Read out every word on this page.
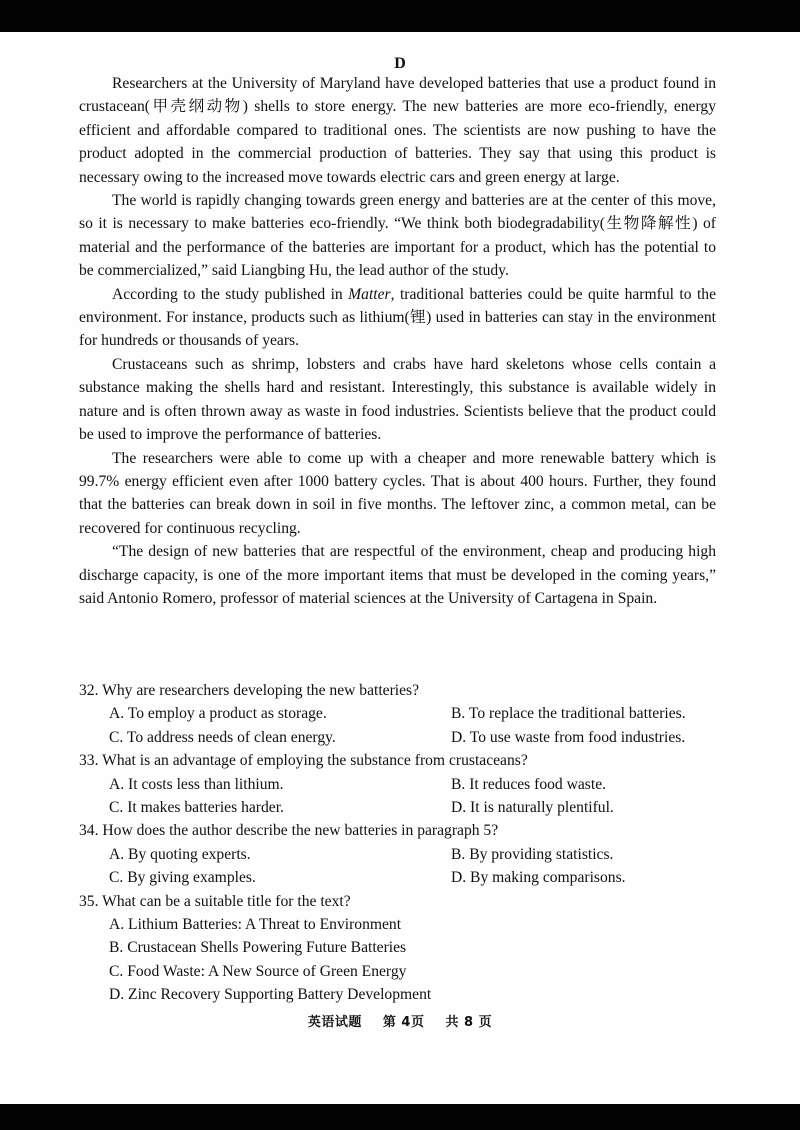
D

Researchers at the University of Maryland have developed batteries that use a product found in crustacean(甲壳纲动物) shells to store energy. The new batteries are more eco-friendly, energy efficient and affordable compared to traditional ones. The scientists are now pushing to have the product adopted in the commercial production of batteries. They say that using this product is necessary owing to the increased move towards electric cars and green energy at large.

The world is rapidly changing towards green energy and batteries are at the center of this move, so it is necessary to make batteries eco-friendly. “We think both biodegradability(生物降解性) of material and the performance of the batteries are important for a product, which has the potential to be commercialized,” said Liangbing Hu, the lead author of the study.

According to the study published in Matter, traditional batteries could be quite harmful to the environment. For instance, products such as lithium(锂) used in batteries can stay in the environment for hundreds or thousands of years.

Crustaceans such as shrimp, lobsters and crabs have hard skeletons whose cells contain a substance making the shells hard and resistant. Interestingly, this substance is available widely in nature and is often thrown away as waste in food industries. Scientists believe that the product could be used to improve the performance of batteries.

The researchers were able to come up with a cheaper and more renewable battery which is 99.7% energy efficient even after 1000 battery cycles. That is about 400 hours. Further, they found that the batteries can break down in soil in five months. The leftover zinc, a common metal, can be recovered for continuous recycling.

“The design of new batteries that are respectful of the environment, cheap and producing high discharge capacity, is one of the more important items that must be developed in the coming years,” said Antonio Romero, professor of material sciences at the University of Cartagena in Spain.

32. Why are researchers developing the new batteries?

A. To employ a product as storage.	B. To replace the traditional batteries.
C. To address needs of clean energy.	D. To use waste from food industries.

33. What is an advantage of employing the substance from crustaceans?

A. It costs less than lithium.	B. It reduces food waste.
C. It makes batteries harder.	D. It is naturally plentiful.

34. How does the author describe the new batteries in paragraph 5?

A. By quoting experts.	B. By providing statistics.
C. By giving examples.	D. By making comparisons.

35. What can be a suitable title for the text?

A. Lithium Batteries: A Threat to Environment
B. Crustacean Shells Powering Future Batteries
C. Food Waste: A New Source of Green Energy
D. Zinc Recovery Supporting Battery Development
英语试题 第 4页 共 8 页
